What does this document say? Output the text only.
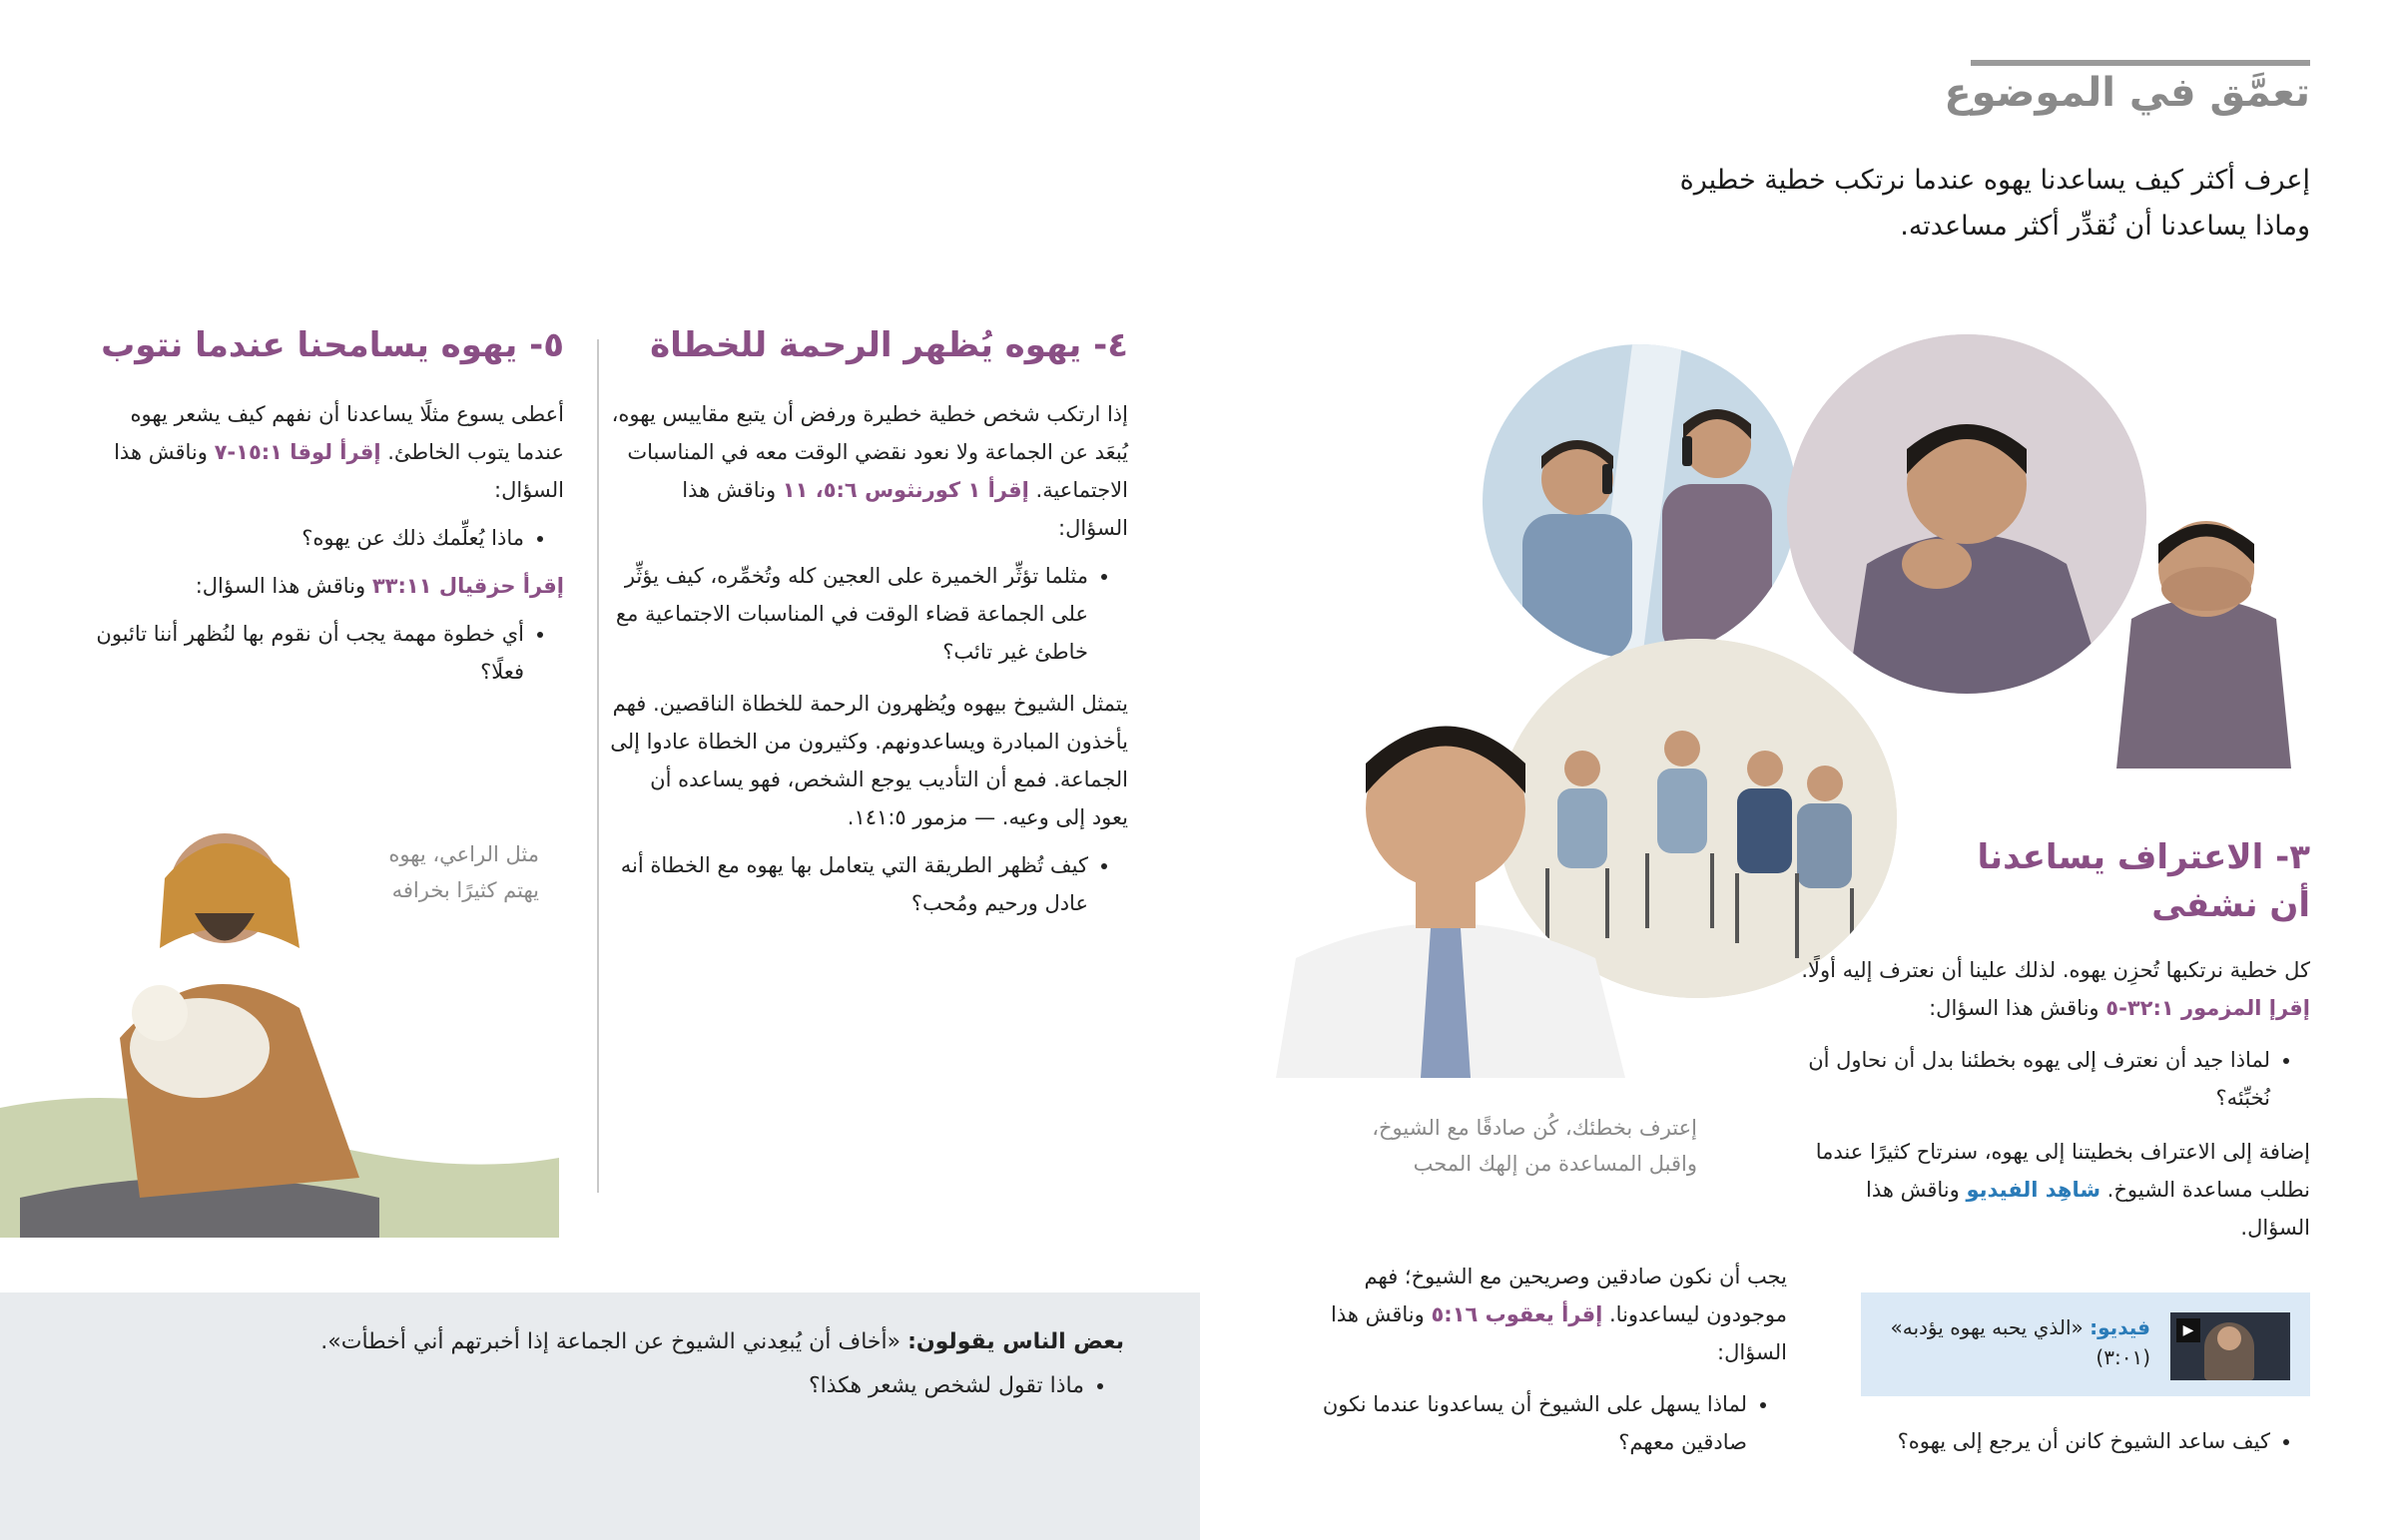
تعمَّق في الموضوع
إعرف أكثر كيف يساعدنا يهوه عندما نرتكب خطية خطيرة وماذا يساعدنا أن نُقدِّر أكثر مساعدته.
٣- الاعتراف يساعدنا
أن نشفى

كل خطية نرتكبها تُحزِن يهوه. لذلك علينا أن نعترف إليه أولًا. إقرإ المزمور ٣٢:١-٥ وناقش هذا السؤال:

• لماذا جيد أن نعترف إلى يهوه بخطئنا بدل أن نحاول أن نُخبِّئه؟

إضافة إلى الاعتراف بخطيتنا إلى يهوه، سنرتاح كثيرًا عندما نطلب مساعدة الشيوخ. شاهِد الفيديو وناقش هذا السؤال.

▶
فيديو: «الذي يحبه يهوه يؤدبه» (٣:٠١)
• كيف ساعد الشيوخ كانن أن يرجع إلى يهوه؟
إعترف بخطئك، كُن صادقًا مع الشيوخ،
واقبل المساعدة من إلهك المحب

يجب أن نكون صادقين وصريحين مع الشيوخ؛ فهم موجودون ليساعدونا. إقرأ يعقوب ٥:١٦ وناقش هذا السؤال:

• لماذا يسهل على الشيوخ أن يساعدونا عندما نكون صادقين معهم؟
٤- يهوه يُظهر الرحمة للخطاة

إذا ارتكب شخص خطية خطيرة ورفض أن يتبع مقاييس يهوه، يُبعَد عن الجماعة ولا نعود نقضي الوقت معه في المناسبات الاجتماعية. إقرأ ١ كورنثوس ٥:٦، ١١ وناقش هذا السؤال:

• مثلما تؤثِّر الخميرة على العجين كله وتُخمِّره، كيف يؤثِّر على الجماعة قضاء الوقت في المناسبات الاجتماعية مع خاطئ غير تائب؟

يتمثل الشيوخ بيهوه ويُظهرون الرحمة للخطاة الناقصين. فهم يأخذون المبادرة ويساعدونهم. وكثيرون من الخطاة عادوا إلى الجماعة. فمع أن التأديب يوجع الشخص، فهو يساعده أن يعود إلى وعيه. — مزمور ١٤١:٥.

• كيف تُظهر الطريقة التي يتعامل بها يهوه مع الخطاة أنه عادل ورحيم ومُحب؟
٥- يهوه يسامحنا عندما نتوب

أعطى يسوع مثلًا يساعدنا أن نفهم كيف يشعر يهوه عندما يتوب الخاطئ. إقرأ لوقا ١٥:١-٧ وناقش هذا السؤال:

• ماذا يُعلِّمك ذلك عن يهوه؟

إقرأ حزقيال ٣٣:١١ وناقش هذا السؤال:

• أي خطوة مهمة يجب أن نقوم بها لنُظهر أننا تائبون فعلًا؟
مثل الراعي، يهوه
يهتم كثيرًا بخرافه

بعض الناس يقولون: «أخاف أن يُبعِدني الشيوخ عن الجماعة إذا أخبرتهم أني أخطأت».

• ماذا تقول لشخص يشعر هكذا؟
